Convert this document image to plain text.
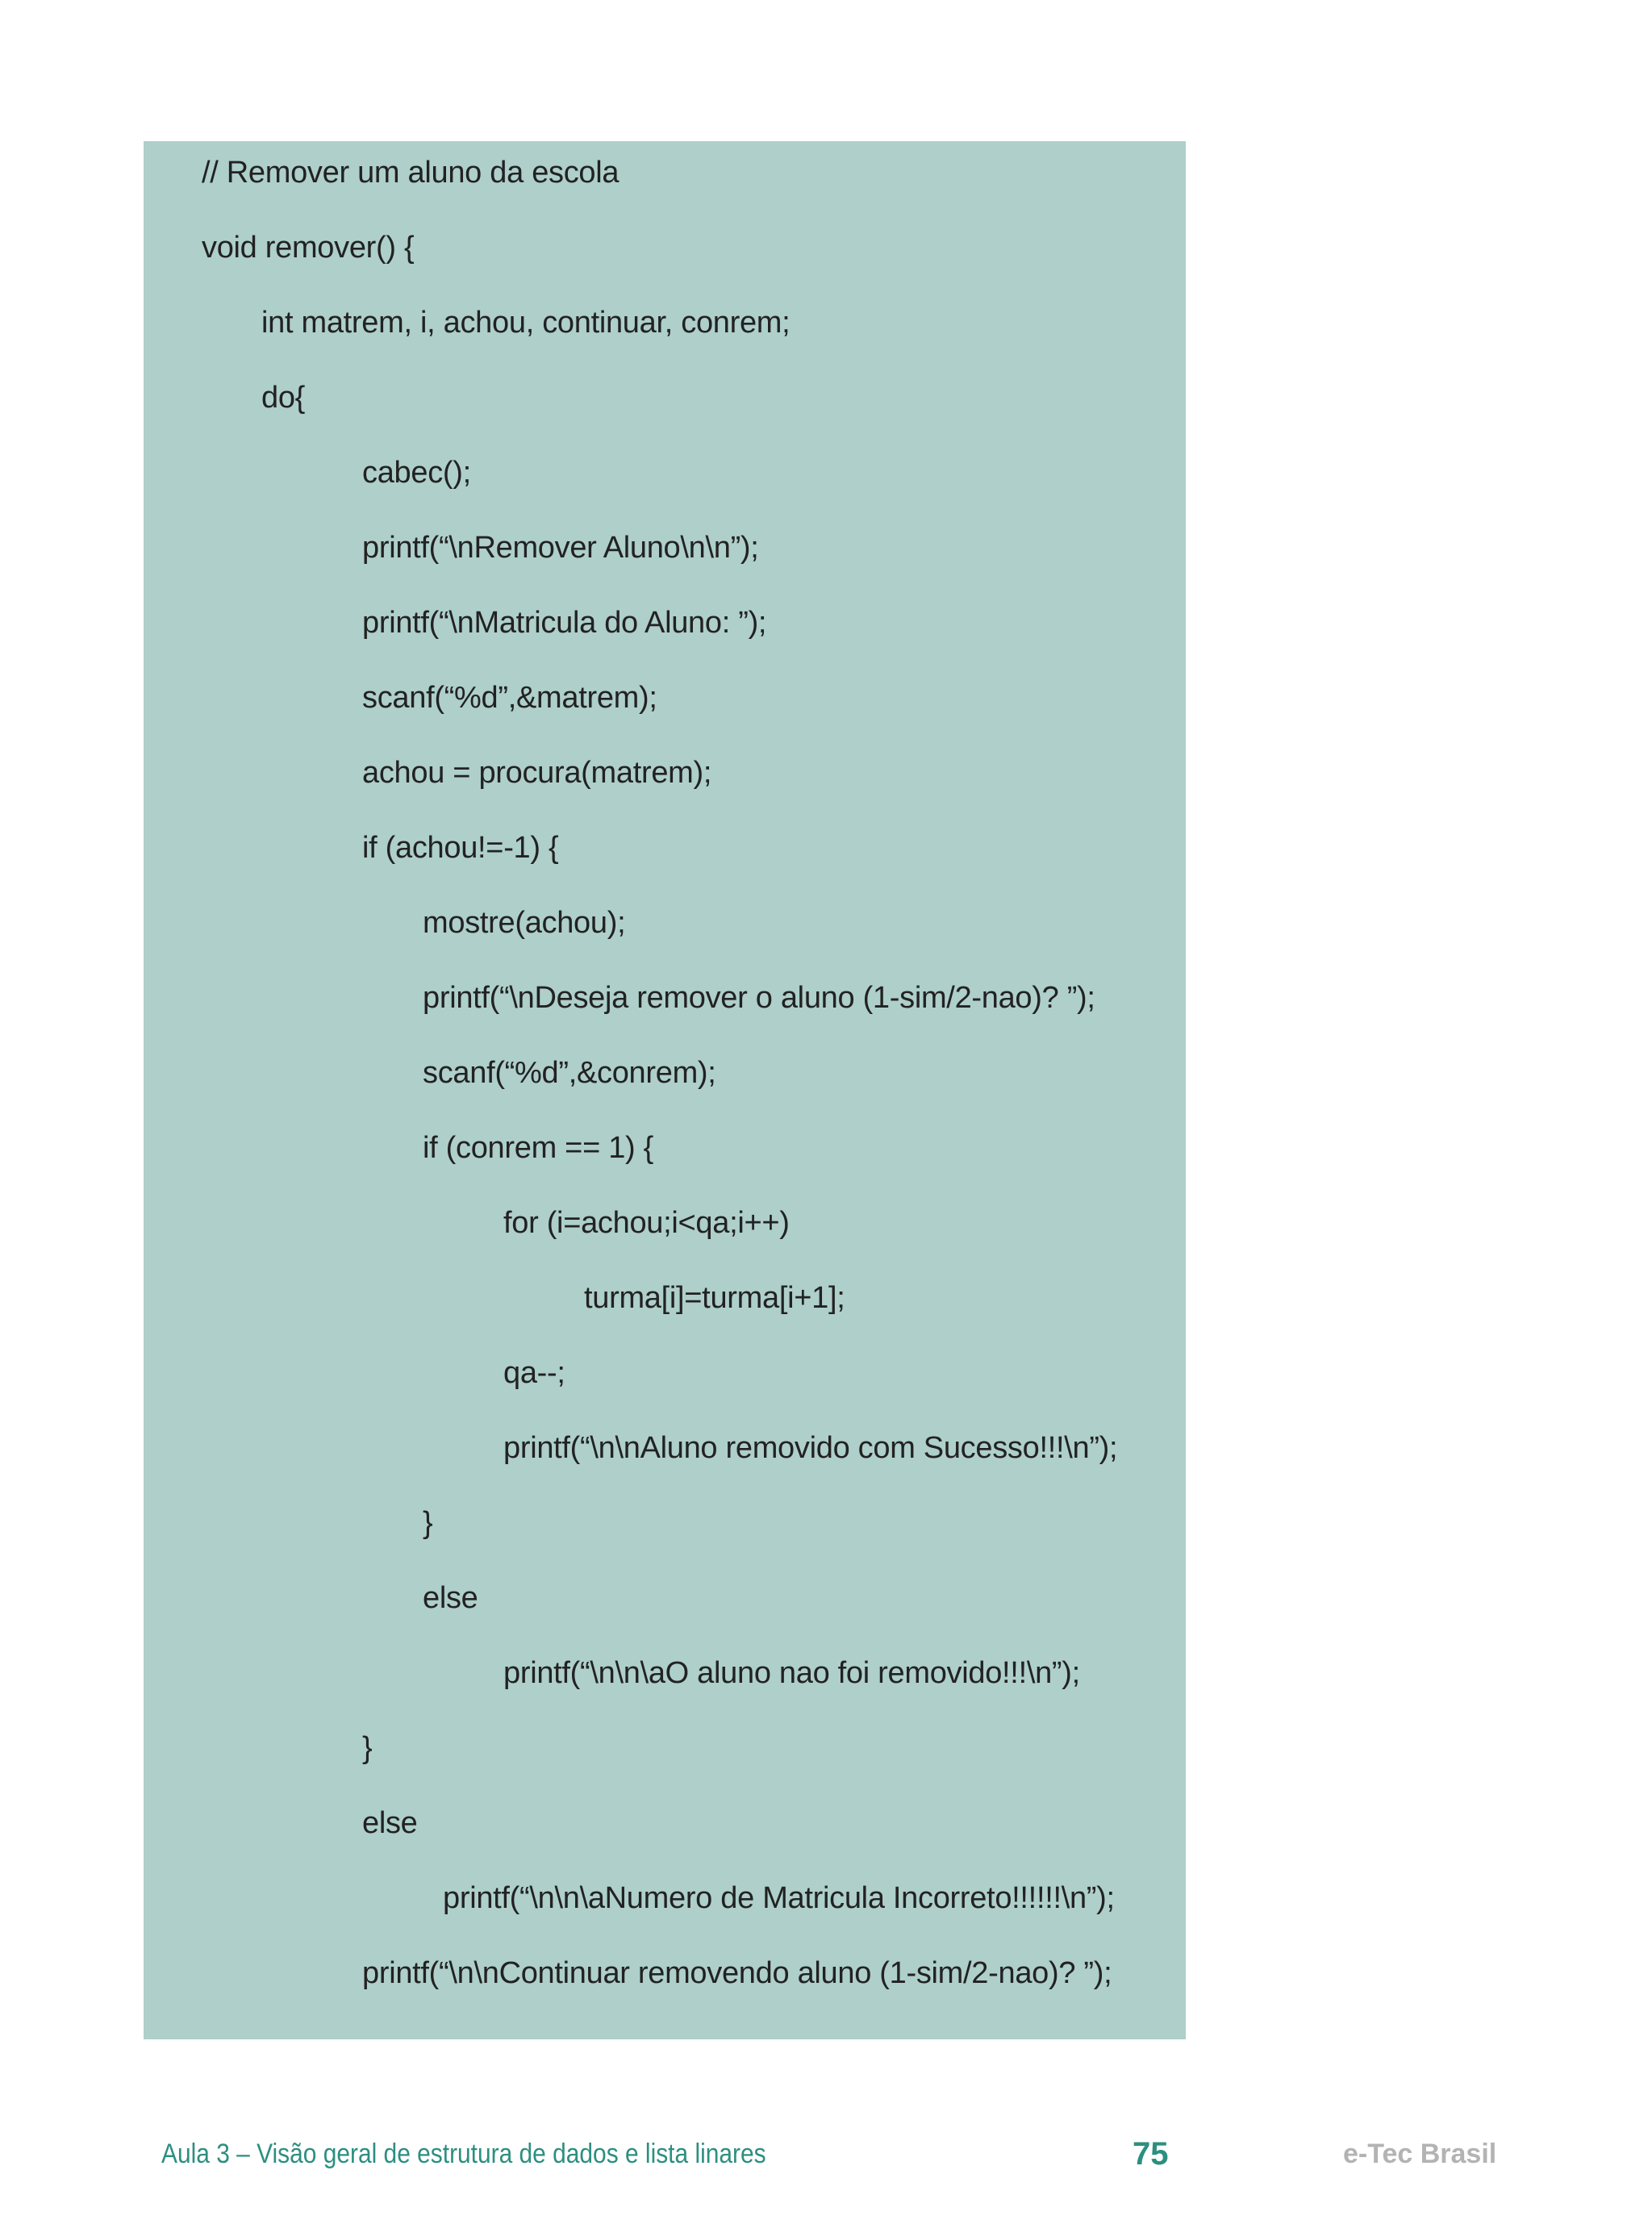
// Remover um aluno da escola
void remover() {
int matrem, i, achou, continuar, conrem;
do{
cabec();
printf(“\nRemover Aluno\n\n”);
printf(“\nMatricula do Aluno: ”);
scanf(“%d”,&matrem);
achou = procura(matrem);
if (achou!=-1) {
mostre(achou);
printf(“\nDeseja remover o aluno (1-sim/2-nao)? ”);
scanf(“%d”,&conrem);
if (conrem == 1) {
for (i=achou;i<qa;i++)
turma[i]=turma[i+1];
qa--;
printf(“\n\nAluno removido com Sucesso!!!\n”);
}
else
printf(“\n\n\aO aluno nao foi removido!!!\n”);
}
else
printf(“\n\n\aNumero de Matricula Incorreto!!!!!!\n”);
printf(“\n\nContinuar removendo aluno (1-sim/2-nao)? ”);
Aula 3 – Visão geral de estrutura de dados e lista linares	75	e-Tec Brasil
